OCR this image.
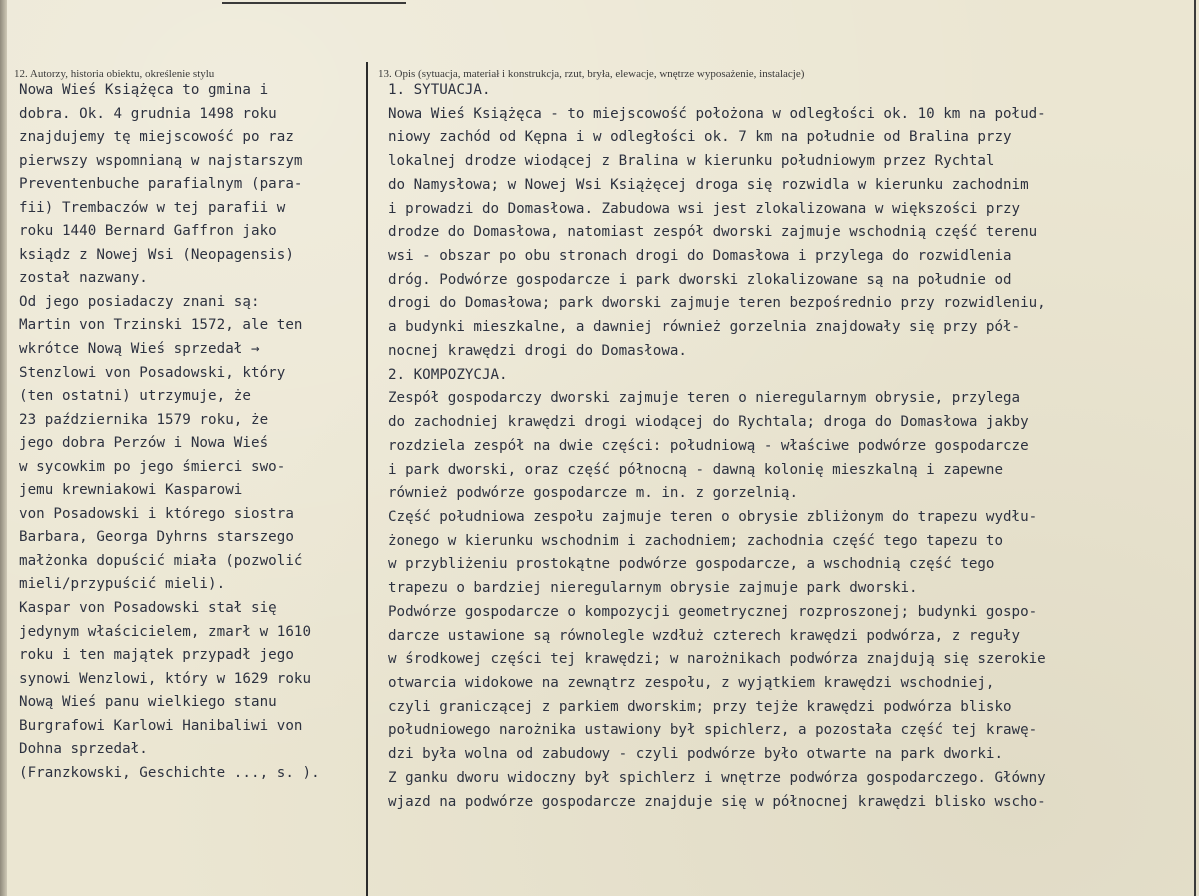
12. Autorzy, historia obiektu, określenie stylu	13. Opis (sytuacja, materiał i konstrukcja, rzut, bryła, elewacje, wnętrze wyposażenie, instalacje)
Nowa Wieś Książęca to gmina i
dobra. Ok. 4 grudnia 1498 roku
znajdujemy tę miejscowość po raz
pierwszy wspomnianą w najstarszym
Preventenbuche parafialnym (para-
fii) Trembaczów w tej parafii w
roku 1440 Bernard Gaffron jako
ksiądz z Nowej Wsi (Neopagensis)
został nazwany.
Od jego posiadaczy znani są:
Martin von Trzinski 1572, ale ten
wkrótce Nową Wieś sprzedał →
Stenzlowi von Posadowski, który
(ten ostatni) utrzymuje, że
23 października 1579 roku, że
jego dobra Perzów i Nowa Wieś
w sycowkim po jego śmierci swo-
jemu krewniakowi Kasparowi
von Posadowski i którego siostra
Barbara, Georga Dyhrns starszego
małżonka dopuścić miała (pozwolić
mieli/przypuścić mieli).
Kaspar von Posadowski stał się
jedynym właścicielem, zmarł w 1610
roku i ten majątek przypadł jego
synowi Wenzlowi, który w 1629 roku
Nową Wieś panu wielkiego stanu
Burgrafowi Karlowi Hanibaliwi von
Dohna sprzedał.
(Franzkowski, Geschichte ..., s. ).
1. SYTUACJA.
Nowa Wieś Książęca - to miejscowość położona w odległości ok. 10 km na połud-
niowy zachód od Kępna i w odległości ok. 7 km na południe od Bralina przy
lokalnej drodze wiodącej z Bralina w kierunku południowym przez Rychtal
do Namysłowa; w Nowej Wsi Książęcej droga się rozwidla w kierunku zachodnim
i prowadzi do Domasłowa. Zabudowa wsi jest zlokalizowana w większości przy
drodze do Domasłowa, natomiast zespół dworski zajmuje wschodnią część terenu
wsi - obszar po obu stronach drogi do Domasłowa i przylega do rozwidlenia
dróg. Podwórze gospodarcze i park dworski zlokalizowane są na południe od
drogi do Domasłowa; park dworski zajmuje teren bezpośrednio przy rozwidleniu,
a budynki mieszkalne, a dawniej również gorzelnia znajdowały się przy pół-
nocnej krawędzi drogi do Domasłowa.
2. KOMPOZYCJA.
Zespół gospodarczy dworski zajmuje teren o nieregularnym obrysie, przylega
do zachodniej krawędzi drogi wiodącej do Rychtala; droga do Domasłowa jakby
rozdziela zespół na dwie części: południową - właściwe podwórze gospodarcze
i park dworski, oraz część północną - dawną kolonię mieszkalną i zapewne
również podwórze gospodarcze m. in. z gorzelnią.
Część południowa zespołu zajmuje teren o obrysie zbliżonym do trapezu wydłu-
żonego w kierunku wschodnim i zachodniem; zachodnia część tego tapezu to
w przybliżeniu prostokątne podwórze gospodarcze, a wschodnią część tego
trapezu o bardziej nieregularnym obrysie zajmuje park dworski.
Podwórze gospodarcze o kompozycji geometrycznej rozproszonej; budynki gospo-
darcze ustawione są równolegle wzdłuż czterech krawędzi podwórza, z reguły
w środkowej części tej krawędzi; w narożnikach podwórza znajdują się szerokie
otwarcia widokowe na zewnątrz zespołu, z wyjątkiem krawędzi wschodniej,
czyli graniczącej z parkiem dworskim; przy tejże krawędzi podwórza blisko
południowego narożnika ustawiony był spichlerz, a pozostała część tej krawę-
dzi była wolna od zabudowy - czyli podwórze było otwarte na park dworki.
Z ganku dworu widoczny był spichlerz i wnętrze podwórza gospodarczego. Główny
wjazd na podwórze gospodarcze znajduje się w północnej krawędzi blisko wscho-
